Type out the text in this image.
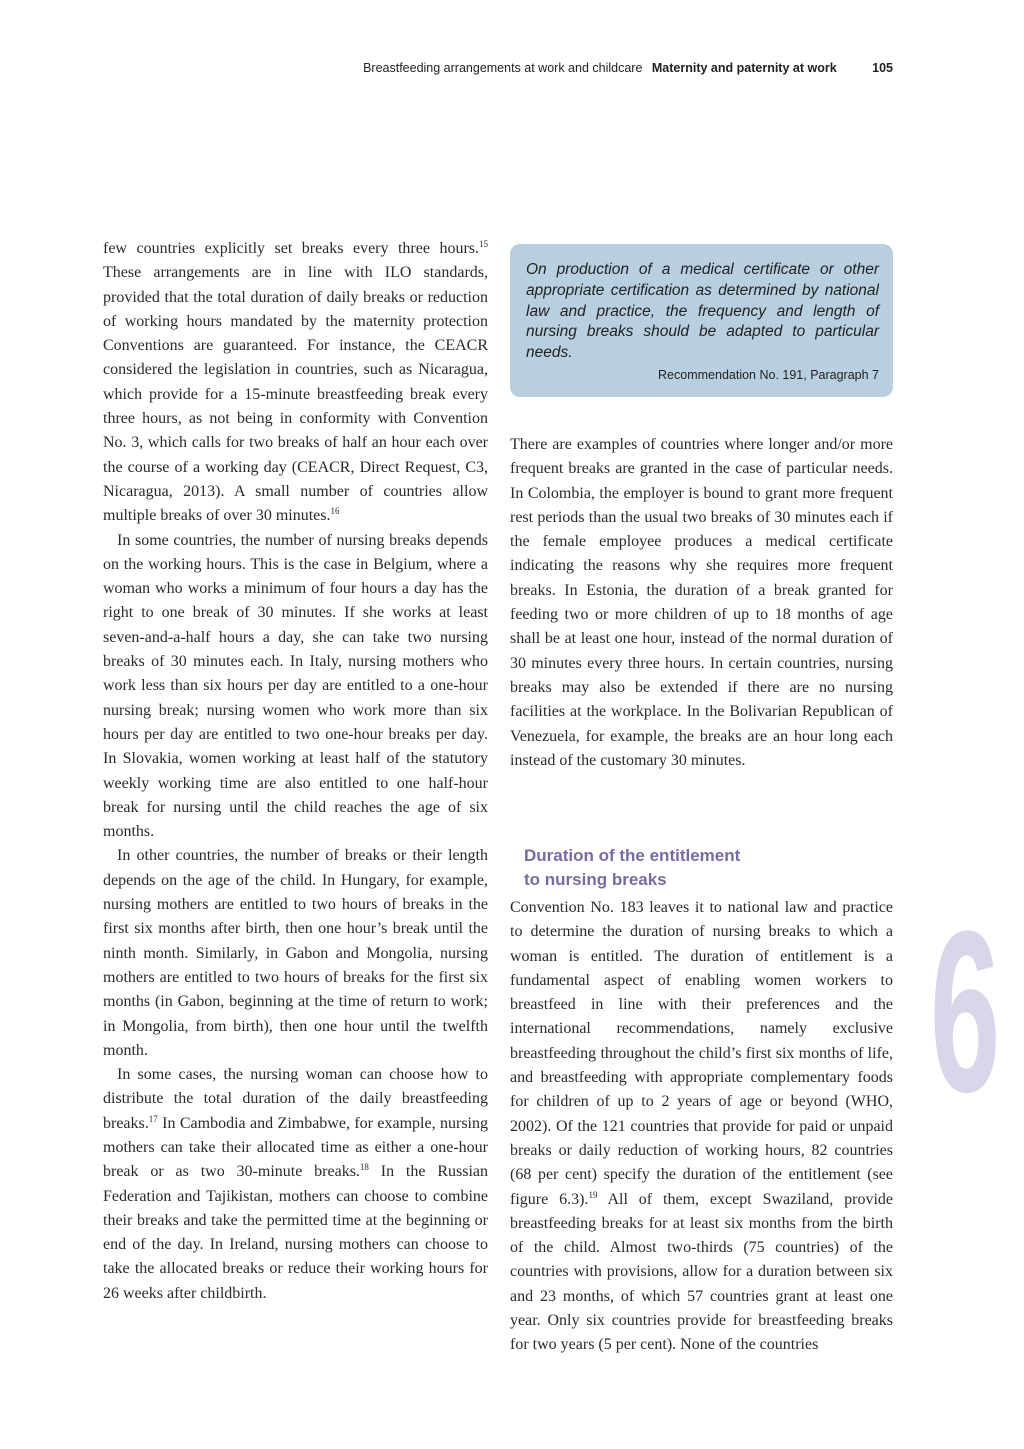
Breastfeeding arrangements at work and childcare Maternity and paternity at work	105

few countries explicitly set breaks every three hours.$^{15}$ These arrangements are in line with ILO standards, provided that the total duration of daily breaks or reduction of working hours mandated by the maternity protection Conventions are guaranteed. For instance, the CEACR considered the legislation in countries, such as Nicaragua, which provide for a 15-minute breastfeeding break every three hours, as not being in conformity with Convention No. 3, which calls for two breaks of half an hour each over the course of a working day (CEACR, Direct Request, C3, Nicaragua, 2013). A small number of countries allow multiple breaks of over 30 minutes.$^{16}$

In some countries, the number of nursing breaks depends on the working hours. This is the case in Belgium, where a woman who works a minimum of four hours a day has the right to one break of 30 minutes. If she works at least seven-and-a-half hours a day, she can take two nursing breaks of 30 minutes each. In Italy, nursing mothers who work less than six hours per day are entitled to a one-hour nursing break; nursing women who work more than six hours per day are entitled to two one-hour breaks per day. In Slovakia, women working at least half of the statutory weekly working time are also entitled to one half-hour break for nursing until the child reaches the age of six months.

In other countries, the number of breaks or their length depends on the age of the child. In Hungary, for example, nursing mothers are entitled to two hours of breaks in the first six months after birth, then one hour’s break until the ninth month. Similarly, in Gabon and Mongolia, nursing mothers are entitled to two hours of breaks for the first six months (in Gabon, beginning at the time of return to work; in Mongolia, from birth), then one hour until the twelfth month.

In some cases, the nursing woman can choose how to distribute the total duration of the daily breastfeeding breaks.$^{17}$ In Cambodia and Zimbabwe, for example, nursing mothers can take their allocated time as either a one-hour break or as two 30-minute breaks.$^{18}$ In the Russian Federation and Tajikistan, mothers can choose to combine their breaks and take the permitted time at the beginning or end of the day. In Ireland, nursing mothers can choose to take the allocated breaks or reduce their working hours for 26 weeks after childbirth.

On production of a medical certificate or other appropriate certification as determined by national law and practice, the frequency and length of nursing breaks should be adapted to particular needs.
Recommendation No. 191, Paragraph 7

There are examples of countries where longer and/or more frequent breaks are granted in the case of particular needs. In Colombia, the employer is bound to grant more frequent rest periods than the usual two breaks of 30 minutes each if the female employee produces a medical certificate indicating the reasons why she requires more frequent breaks. In Estonia, the duration of a break granted for feeding two or more children of up to 18 months of age shall be at least one hour, instead of the normal duration of 30 minutes every three hours. In certain countries, nursing breaks may also be extended if there are no nursing facilities at the workplace. In the Bolivarian Republican of Venezuela, for example, the breaks are an hour long each instead of the customary 30 minutes.

Duration of the entitlement
to nursing breaks

Convention No. 183 leaves it to national law and practice to determine the duration of nursing breaks to which a woman is entitled. The duration of entitlement is a fundamental aspect of enabling women workers to breastfeed in line with their preferences and the international recommendations, namely exclusive breastfeeding throughout the child’s first six months of life, and breastfeeding with appropriate complementary foods for children of up to 2 years of age or beyond (WHO, 2002). Of the 121 countries that provide for paid or unpaid breaks or daily reduction of working hours, 82 countries (68 per cent) specify the duration of the entitlement (see figure 6.3).$^{19}$ All of them, except Swaziland, provide breastfeeding breaks for at least six months from the birth of the child. Almost two-thirds (75 countries) of the countries with provisions, allow for a duration between six and 23 months, of which 57 countries grant at least one year. Only six countries provide for breastfeeding breaks for two years (5 per cent). None of the countries

6
